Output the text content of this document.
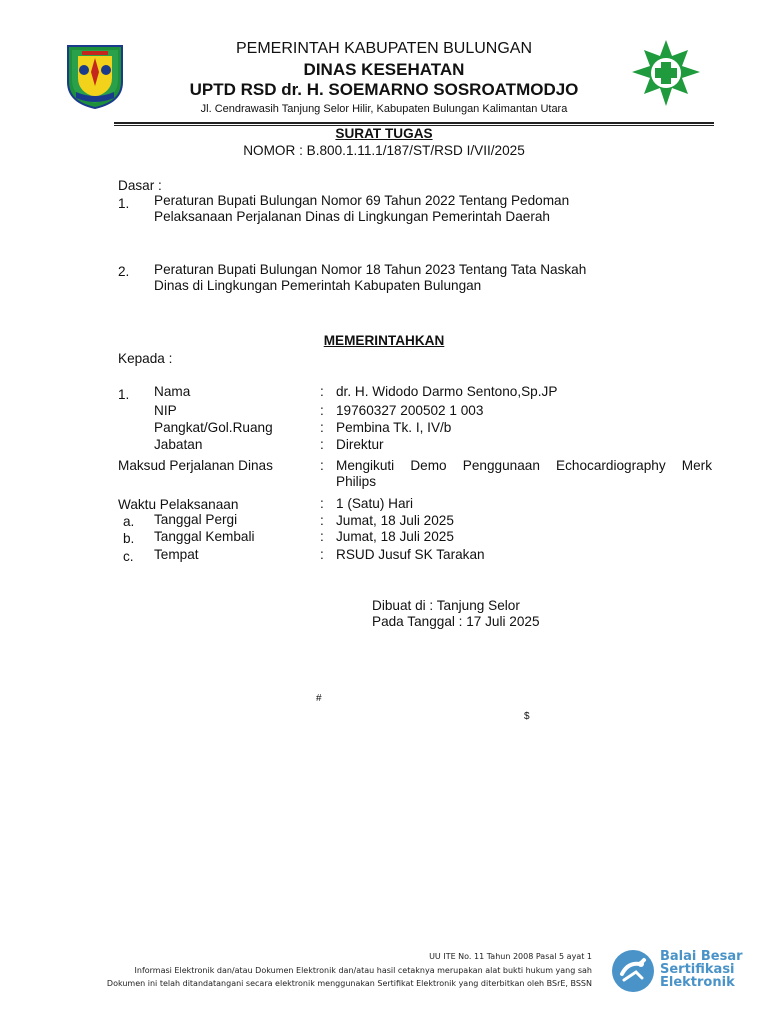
PEMERINTAH KABUPATEN BULUNGAN
DINAS KESEHATAN
UPTD RSD dr. H. SOEMARNO SOSROATMODJO
Jl. Cendrawasih Tanjung Selor Hilir, Kabupaten Bulungan Kalimantan Utara
SURAT TUGAS
NOMOR : B.800.1.11.1/187/ST/RSD I/VII/2025
Dasar :
1. Peraturan Bupati Bulungan Nomor 69 Tahun 2022 Tentang Pedoman
Pelaksanaan Perjalanan Dinas di Lingkungan Pemerintah Daerah
2. Peraturan Bupati Bulungan Nomor 18 Tahun 2023 Tentang Tata Naskah
Dinas di Lingkungan Pemerintah Kabupaten Bulungan
MEMERINTAHKAN
Kepada :
1. Nama	: dr. H. Widodo Darmo Sentono,Sp.JP
NIP	: 19760327 200502 1 003
Pangkat/Gol.Ruang	: Pembina Tk. I, IV/b
Jabatan	: Direktur
Maksud Perjalanan Dinas	: Mengikuti Demo Penggunaan Echocardiography Merk
Philips
Waktu Pelaksanaan	: 1 (Satu) Hari
a. Tanggal Pergi	: Jumat, 18 Juli 2025
b. Tanggal Kembali	: Jumat, 18 Juli 2025
c. Tempat	: RSUD Jusuf SK Tarakan
Dibuat di : Tanjung Selor
Pada Tanggal : 17 Juli 2025
#
$
UU ITE No. 11 Tahun 2008 Pasal 5 ayat 1
Informasi Elektronik dan/atau Dokumen Elektronik dan/atau hasil cetaknya merupakan alat bukti hukum yang sah
Dokumen ini telah ditandatangani secara elektronik menggunakan Sertifikat Elektronik yang diterbitkan oleh BSrE, BSSN
Balai Besar
Sertifikasi
Elektronik
